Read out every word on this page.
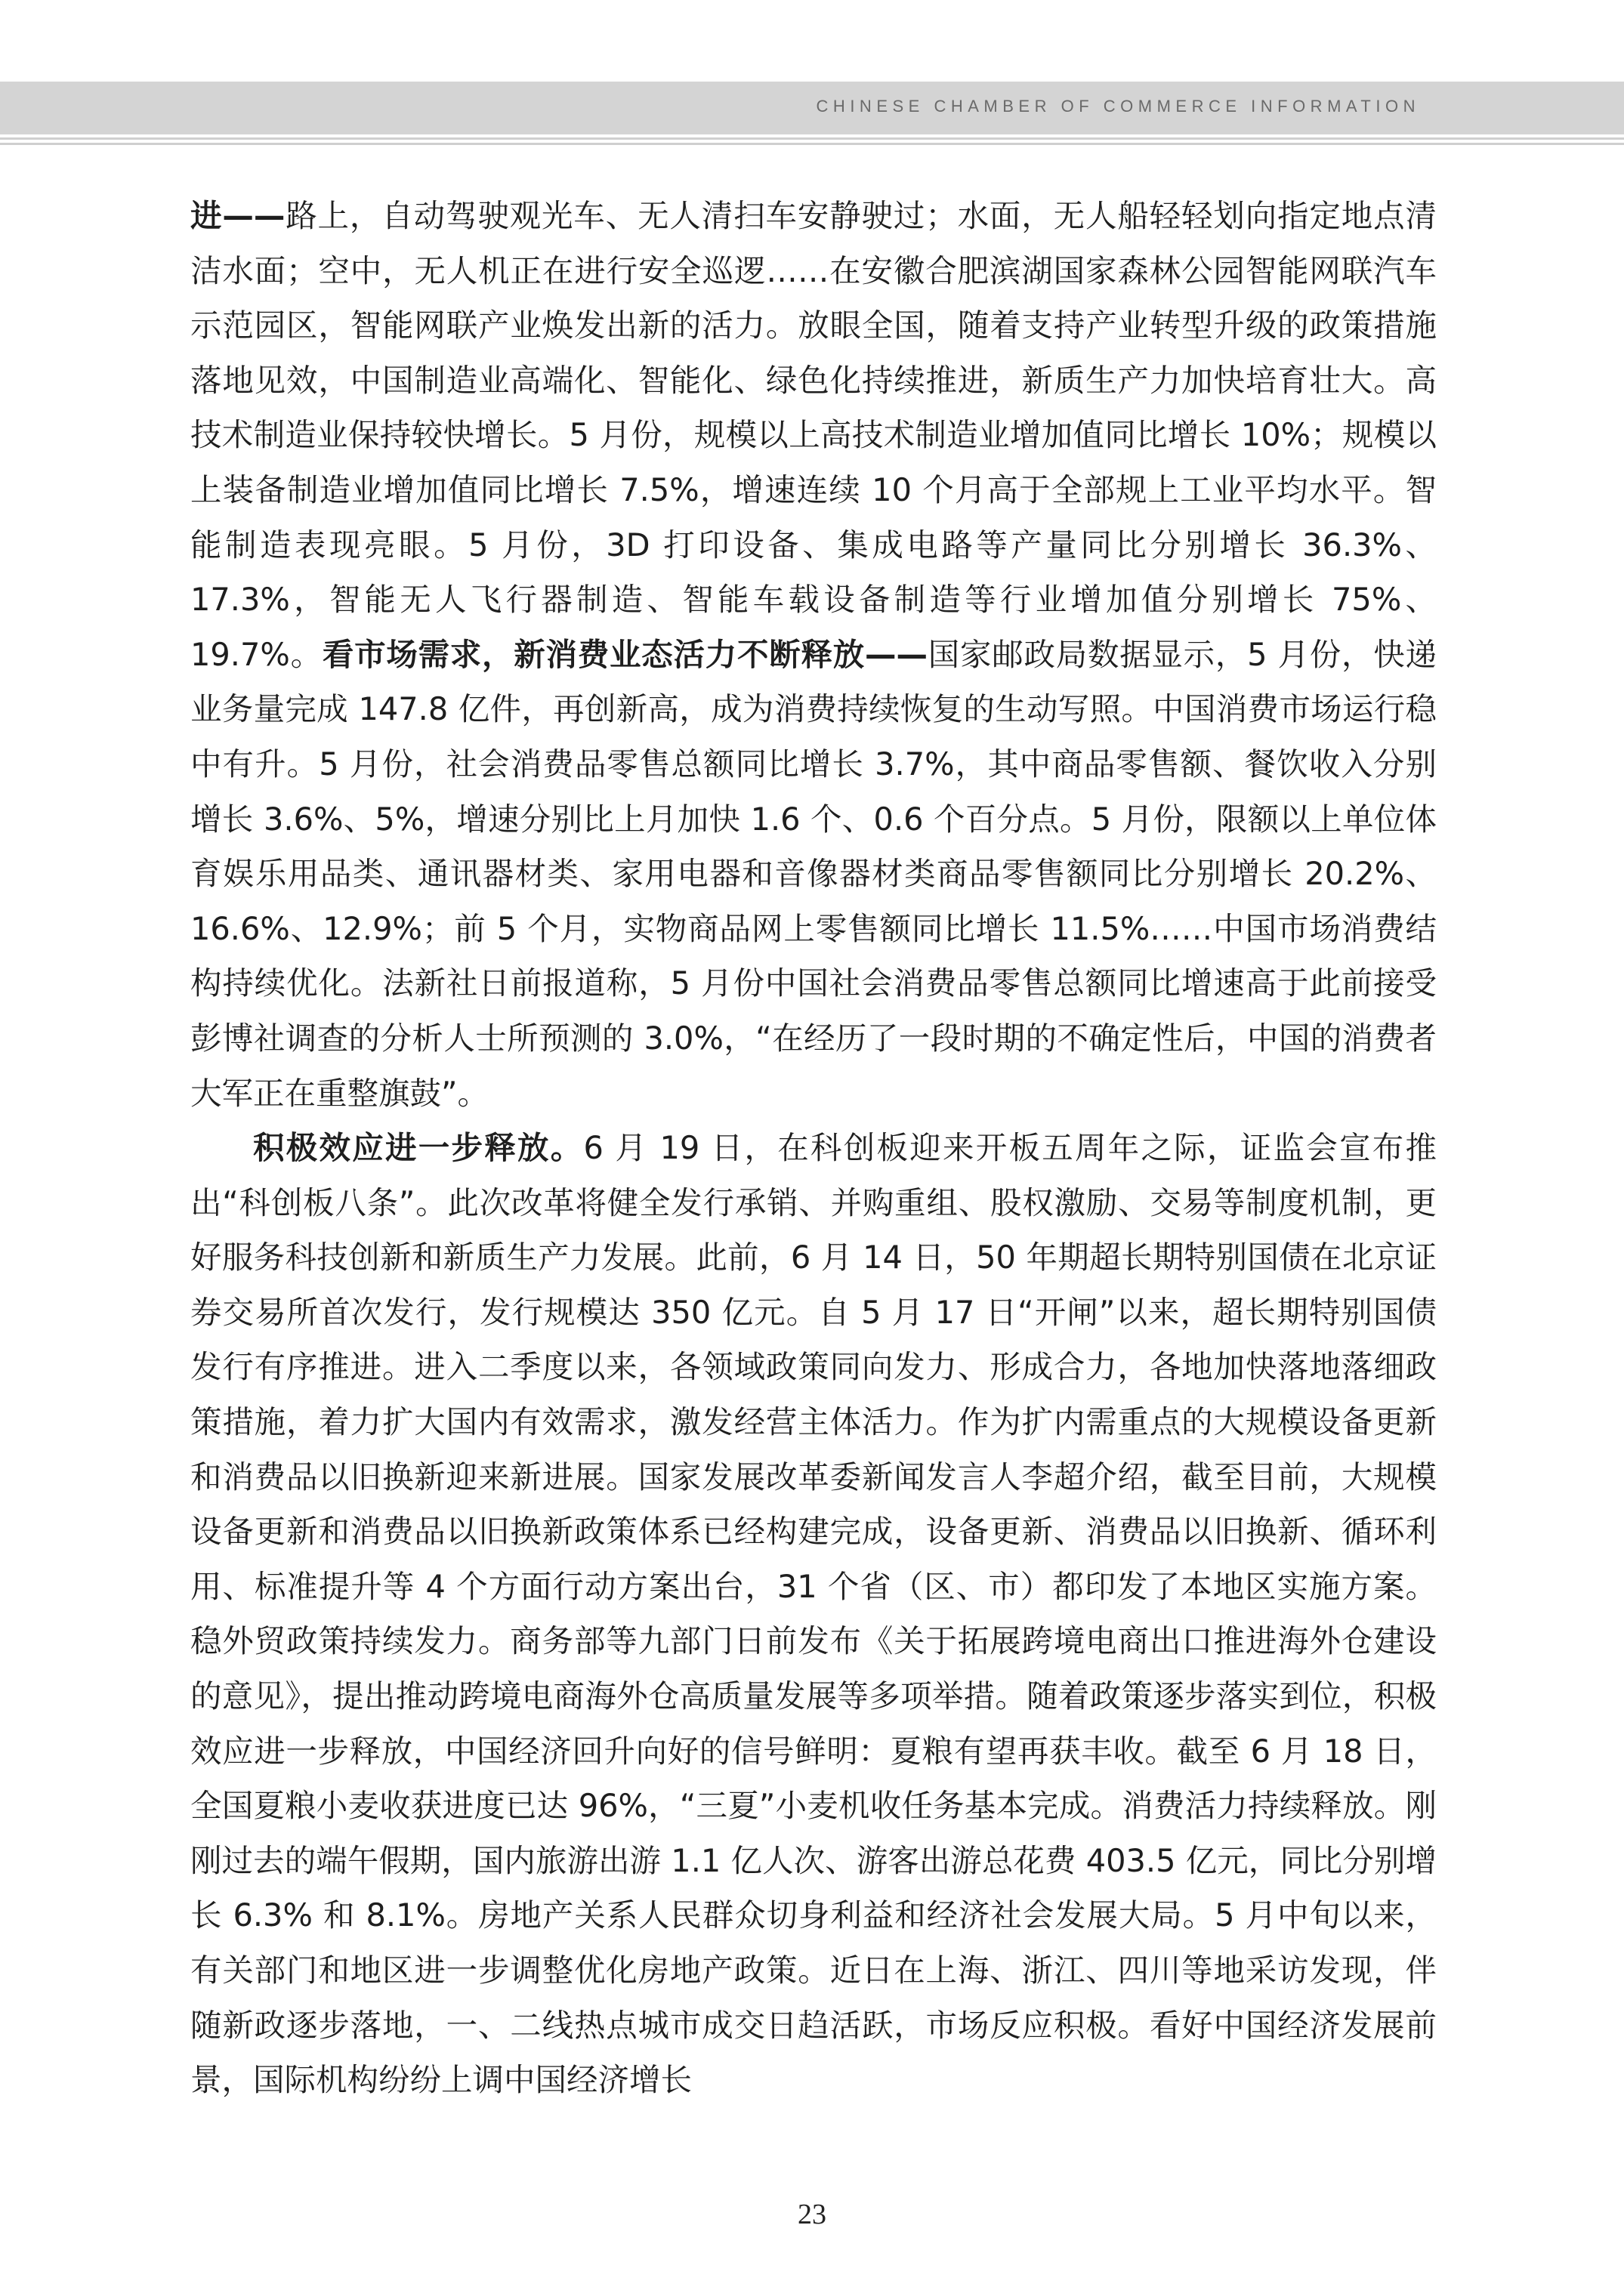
CHINESE CHAMBER OF COMMERCE INFORMATION

进——路上，自动驾驶观光车、无人清扫车安静驶过；水面，无人船轻轻划向指定地点清洁水面；空中，无人机正在进行安全巡逻……在安徽合肥滨湖国家森林公园智能网联汽车示范园区，智能网联产业焕发出新的活力。放眼全国，随着支持产业转型升级的政策措施落地见效，中国制造业高端化、智能化、绿色化持续推进，新质生产力加快培育壮大。高技术制造业保持较快增长。5 月份，规模以上高技术制造业增加值同比增长 10%；规模以上装备制造业增加值同比增长 7.5%，增速连续 10 个月高于全部规上工业平均水平。智能制造表现亮眼。5 月份，3D 打印设备、集成电路等产量同比分别增长 36.3%、17.3%，智能无人飞行器制造、智能车载设备制造等行业增加值分别增长 75%、19.7%。看市场需求，新消费业态活力不断释放——国家邮政局数据显示，5 月份，快递业务量完成 147.8 亿件，再创新高，成为消费持续恢复的生动写照。中国消费市场运行稳中有升。5 月份，社会消费品零售总额同比增长 3.7%，其中商品零售额、餐饮收入分别增长 3.6%、5%，增速分别比上月加快 1.6 个、0.6 个百分点。5 月份，限额以上单位体育娱乐用品类、通讯器材类、家用电器和音像器材类商品零售额同比分别增长 20.2%、16.6%、12.9%；前 5 个月，实物商品网上零售额同比增长 11.5%……中国市场消费结构持续优化。法新社日前报道称，5 月份中国社会消费品零售总额同比增速高于此前接受彭博社调查的分析人士所预测的 3.0%，“在经历了一段时期的不确定性后，中国的消费者大军正在重整旗鼓”。

积极效应进一步释放。6 月 19 日，在科创板迎来开板五周年之际，证监会宣布推出“科创板八条”。此次改革将健全发行承销、并购重组、股权激励、交易等制度机制，更好服务科技创新和新质生产力发展。此前，6 月 14 日，50 年期超长期特别国债在北京证券交易所首次发行，发行规模达 350 亿元。自 5 月 17 日“开闸”以来，超长期特别国债发行有序推进。进入二季度以来，各领域政策同向发力、形成合力，各地加快落地落细政策措施，着力扩大国内有效需求，激发经营主体活力。作为扩内需重点的大规模设备更新和消费品以旧换新迎来新进展。国家发展改革委新闻发言人李超介绍，截至目前，大规模设备更新和消费品以旧换新政策体系已经构建完成，设备更新、消费品以旧换新、循环利用、标准提升等 4 个方面行动方案出台，31 个省（区、市）都印发了本地区实施方案。稳外贸政策持续发力。商务部等九部门日前发布《关于拓展跨境电商出口推进海外仓建设的意见》，提出推动跨境电商海外仓高质量发展等多项举措。随着政策逐步落实到位，积极效应进一步释放，中国经济回升向好的信号鲜明：夏粮有望再获丰收。截至 6 月 18 日，全国夏粮小麦收获进度已达 96%，“三夏”小麦机收任务基本完成。消费活力持续释放。刚刚过去的端午假期，国内旅游出游 1.1 亿人次、游客出游总花费 403.5 亿元，同比分别增长 6.3% 和 8.1%。房地产关系人民群众切身利益和经济社会发展大局。5 月中旬以来，有关部门和地区进一步调整优化房地产政策。近日在上海、浙江、四川等地采访发现，伴随新政逐步落地，一、二线热点城市成交日趋活跃，市场反应积极。看好中国经济发展前景，国际机构纷纷上调中国经济增长

23
